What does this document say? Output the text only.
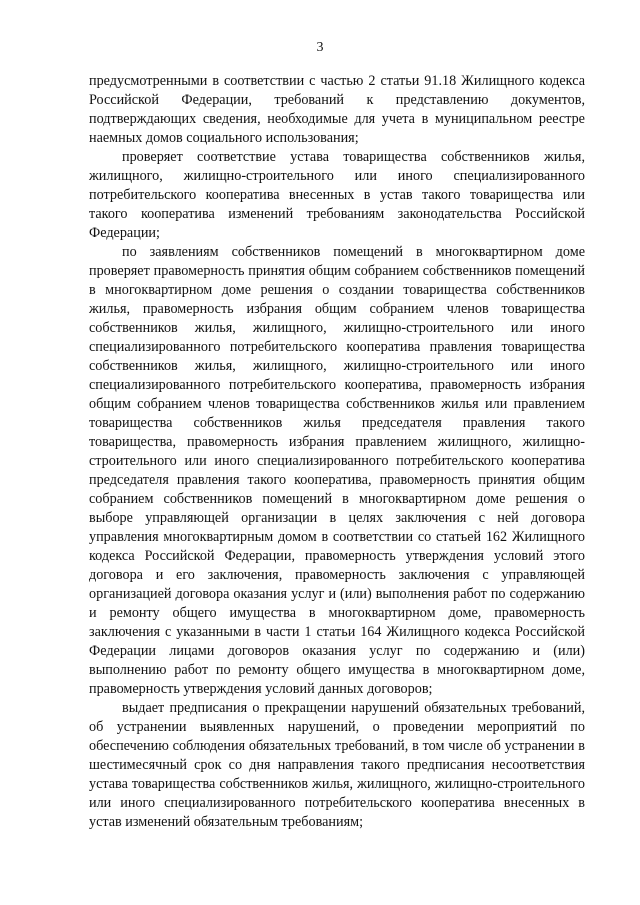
3

предусмотренными в соответствии с частью 2 статьи 91.18 Жилищного кодекса Российской Федерации, требований к представлению документов, подтверждающих сведения, необходимые для учета в муниципальном реестре наемных домов социального использования;

проверяет соответствие устава товарищества собственников жилья, жилищного, жилищно-строительного или иного специализированного потребительского кооператива внесенных в устав такого товарищества или такого кооператива изменений требованиям законодательства Российской Федерации;

по заявлениям собственников помещений в многоквартирном доме проверяет правомерность принятия общим собранием собственников помещений в многоквартирном доме решения о создании товарищества собственников жилья, правомерность избрания общим собранием членов товарищества собственников жилья, жилищного, жилищно-строительного или иного специализированного потребительского кооператива правления товарищества собственников жилья, жилищного, жилищно-строительного или иного специализированного потребительского кооператива, правомерность избрания общим собранием членов товарищества собственников жилья или правлением товарищества собственников жилья председателя правления такого товарищества, правомерность избрания правлением жилищного, жилищно-строительного или иного специализированного потребительского кооператива председателя правления такого кооператива, правомерность принятия общим собранием собственников помещений в многоквартирном доме решения о выборе управляющей организации в целях заключения с ней договора управления многоквартирным домом в соответствии со статьей 162 Жилищного кодекса Российской Федерации, правомерность утверждения условий этого договора и его заключения, правомерность заключения с управляющей организацией договора оказания услуг и (или) выполнения работ по содержанию и ремонту общего имущества в многоквартирном доме, правомерность заключения с указанными в части 1 статьи 164 Жилищного кодекса Российской Федерации лицами договоров оказания услуг по содержанию и (или) выполнению работ по ремонту общего имущества в многоквартирном доме, правомерность утверждения условий данных договоров;

выдает предписания о прекращении нарушений обязательных требований, об устранении выявленных нарушений, о проведении мероприятий по обеспечению соблюдения обязательных требований, в том числе об устранении в шестимесячный срок со дня направления такого предписания несоответствия устава товарищества собственников жилья, жилищного, жилищно-строительного или иного специализированного потребительского кооператива внесенных в устав изменений обязательным требованиям;
